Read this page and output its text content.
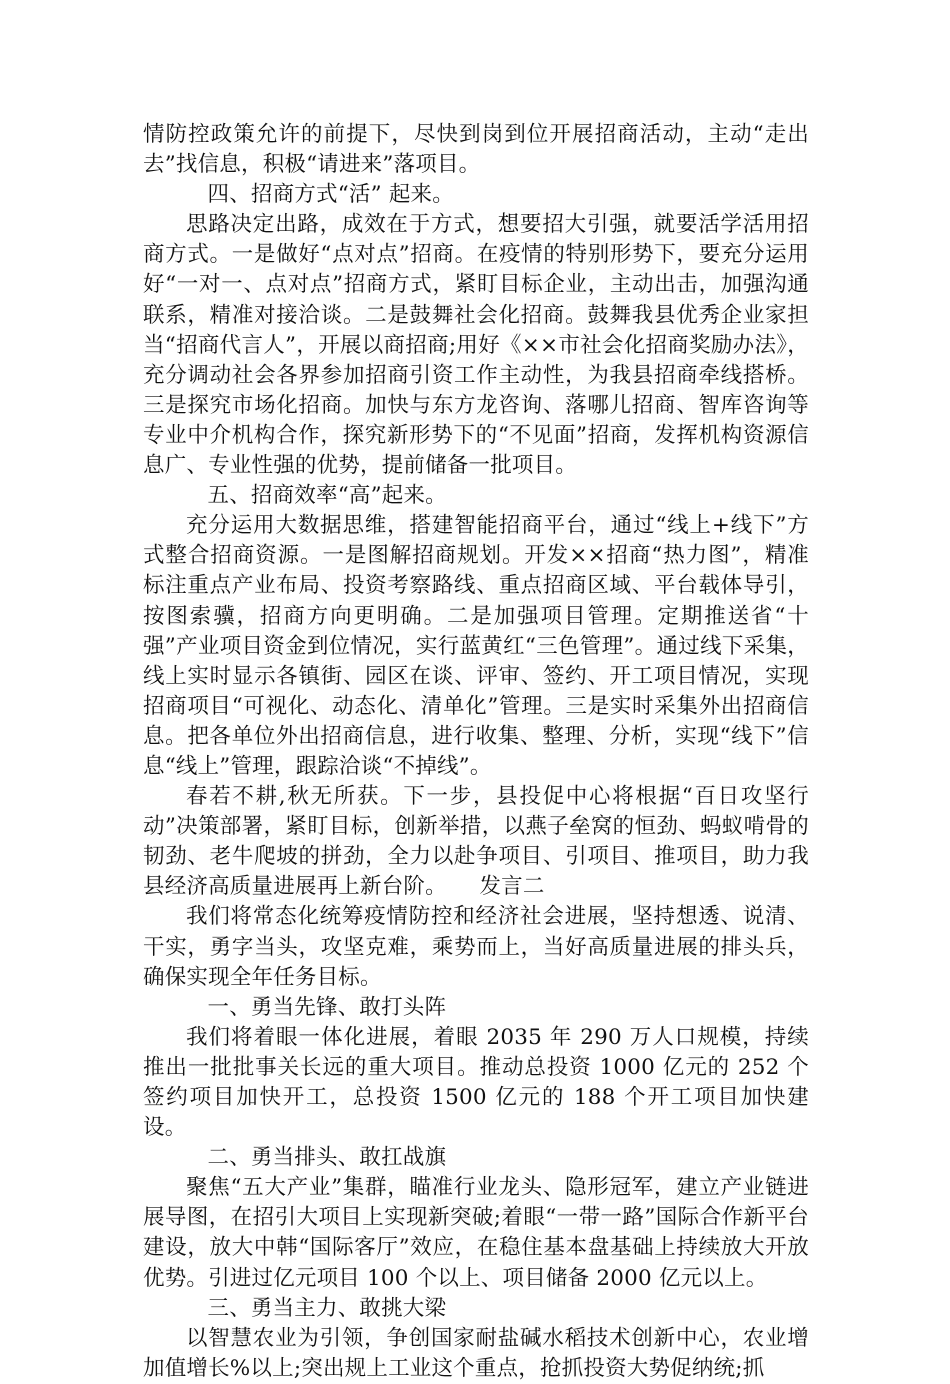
情防控政策允许的前提下，尽快到岗到位开展招商活动，主动“走出去”找信息，积极“请进来”落项目。

四、招商方式“活” 起来。

思路决定出路，成效在于方式，想要招大引强，就要活学活用招商方式。一是做好“点对点”招商。在疫情的特别形势下，要充分运用好“一对一、点对点”招商方式，紧盯目标企业，主动出击，加强沟通联系，精准对接洽谈。二是鼓舞社会化招商。鼓舞我县优秀企业家担当“招商代言人”，开展以商招商;用好《××市社会化招商奖励办法》，充分调动社会各界参加招商引资工作主动性，为我县招商牵线搭桥。三是探究市场化招商。加快与东方龙咨询、落哪儿招商、智库咨询等专业中介机构合作，探究新形势下的“不见面”招商，发挥机构资源信息广、专业性强的优势，提前储备一批项目。

五、招商效率“高”起来。

充分运用大数据思维，搭建智能招商平台，通过“线上+线下”方式整合招商资源。一是图解招商规划。开发××招商“热力图”，精准标注重点产业布局、投资考察路线、重点招商区域、平台载体导引，按图索骥，招商方向更明确。二是加强项目管理。定期推送省“十强”产业项目资金到位情况，实行蓝黄红“三色管理”。通过线下采集，线上实时显示各镇街、园区在谈、评审、签约、开工项目情况，实现招商项目“可视化、动态化、清单化”管理。三是实时采集外出招商信息。把各单位外出招商信息，进行收集、整理、分析，实现“线下”信息“线上”管理，跟踪洽谈“不掉线”。

春若不耕,秋无所获。下一步，县投促中心将根据“百日攻坚行动”决策部署，紧盯目标，创新举措，以燕子垒窝的恒劲、蚂蚁啃骨的韧劲、老牛爬坡的拼劲，全力以赴争项目、引项目、推项目，助力我县经济高质量进展再上新台阶。　　发言二

我们将常态化统筹疫情防控和经济社会进展，坚持想透、说清、干实，勇字当头，攻坚克难，乘势而上，当好高质量进展的排头兵，确保实现全年任务目标。

一、勇当先锋、敢打头阵

我们将着眼一体化进展，着眼 2035 年 290 万人口规模，持续推出一批批事关长远的重大项目。推动总投资 1000 亿元的 252 个签约项目加快开工，总投资 1500 亿元的 188 个开工项目加快建设。

二、勇当排头、敢扛战旗

聚焦“五大产业”集群，瞄准行业龙头、隐形冠军，建立产业链进展导图，在招引大项目上实现新突破;着眼“一带一路”国际合作新平台建设，放大中韩“国际客厅”效应，在稳住基本盘基础上持续放大开放优势。引进过亿元项目 100 个以上、项目储备 2000 亿元以上。

三、勇当主力、敢挑大梁

以智慧农业为引领，争创国家耐盐碱水稻技术创新中心，农业增加值增长%以上;突出规上工业这个重点，抢抓投资大势促纳统;抓
